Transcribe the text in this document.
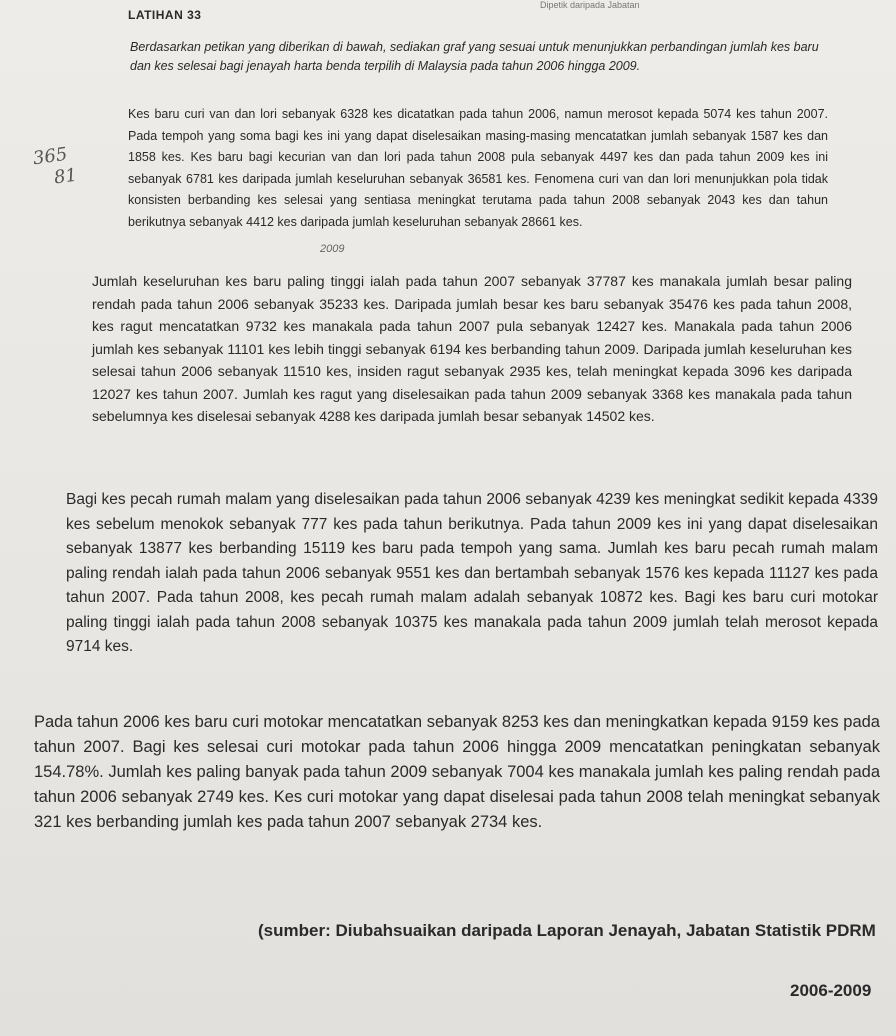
Dipetik daripada Jabatan
LATIHAN 33
Berdasarkan petikan yang diberikan di bawah, sediakan graf yang sesuai untuk menunjukkan perbandingan jumlah kes baru dan kes selesai bagi jenayah harta benda terpilih di Malaysia pada tahun 2006 hingga 2009.
365
81
Kes baru curi van dan lori sebanyak 6328 kes dicatatkan pada tahun 2006, namun merosot kepada 5074 kes tahun 2007. Pada tempoh yang soma bagi kes ini yang dapat diselesaikan masing-masing mencatatkan jumlah sebanyak 1587 kes dan 1858 kes. Kes baru bagi kecurian van dan lori pada tahun 2008 pula sebanyak 4497 kes dan pada tahun 2009 kes ini sebanyak 6781 kes daripada jumlah keseluruhan sebanyak 36581 kes. Fenomena curi van dan lori menunjukkan pola tidak konsisten berbanding kes selesai yang sentiasa meningkat terutama pada tahun 2008 sebanyak 2043 kes dan tahun berikutnya sebanyak 4412 kes daripada jumlah keseluruhan sebanyak 28661 kes.
2009
Jumlah keseluruhan kes baru paling tinggi ialah pada tahun 2007 sebanyak 37787 kes manakala jumlah besar paling rendah pada tahun 2006 sebanyak 35233 kes. Daripada jumlah besar kes baru sebanyak 35476 kes pada tahun 2008, kes ragut mencatatkan 9732 kes manakala pada tahun 2007 pula sebanyak 12427 kes. Manakala pada tahun 2006 jumlah kes sebanyak 11101 kes lebih tinggi sebanyak 6194 kes berbanding tahun 2009. Daripada jumlah keseluruhan kes selesai tahun 2006 sebanyak 11510 kes, insiden ragut sebanyak 2935 kes, telah meningkat kepada 3096 kes daripada 12027 kes tahun 2007. Jumlah kes ragut yang diselesaikan pada tahun 2009 sebanyak 3368 kes manakala pada tahun sebelumnya kes diselesai sebanyak 4288 kes daripada jumlah besar sebanyak 14502 kes.
Bagi kes pecah rumah malam yang diselesaikan pada tahun 2006 sebanyak 4239 kes meningkat sedikit kepada 4339 kes sebelum menokok sebanyak 777 kes pada tahun berikutnya. Pada tahun 2009 kes ini yang dapat diselesaikan sebanyak 13877 kes berbanding 15119 kes baru pada tempoh yang sama. Jumlah kes baru pecah rumah malam paling rendah ialah pada tahun 2006 sebanyak 9551 kes dan bertambah sebanyak 1576 kes kepada 11127 kes pada tahun 2007. Pada tahun 2008, kes pecah rumah malam adalah sebanyak 10872 kes. Bagi kes baru curi motokar paling tinggi ialah pada tahun 2008 sebanyak 10375 kes manakala pada tahun 2009 jumlah telah merosot kepada 9714 kes.
Pada tahun 2006 kes baru curi motokar mencatatkan sebanyak 8253 kes dan meningkatkan kepada 9159 kes pada tahun 2007. Bagi kes selesai curi motokar pada tahun 2006 hingga 2009 mencatatkan peningkatan sebanyak 154.78%. Jumlah kes paling banyak pada tahun 2009 sebanyak 7004 kes manakala jumlah kes paling rendah pada tahun 2006 sebanyak 2749 kes. Kes curi motokar yang dapat diselesai pada tahun 2008 telah meningkat sebanyak 321 kes berbanding jumlah kes pada tahun 2007 sebanyak 2734 kes.
(sumber: Diubahsuaikan daripada Laporan Jenayah, Jabatan Statistik PDRM
2006-2009
